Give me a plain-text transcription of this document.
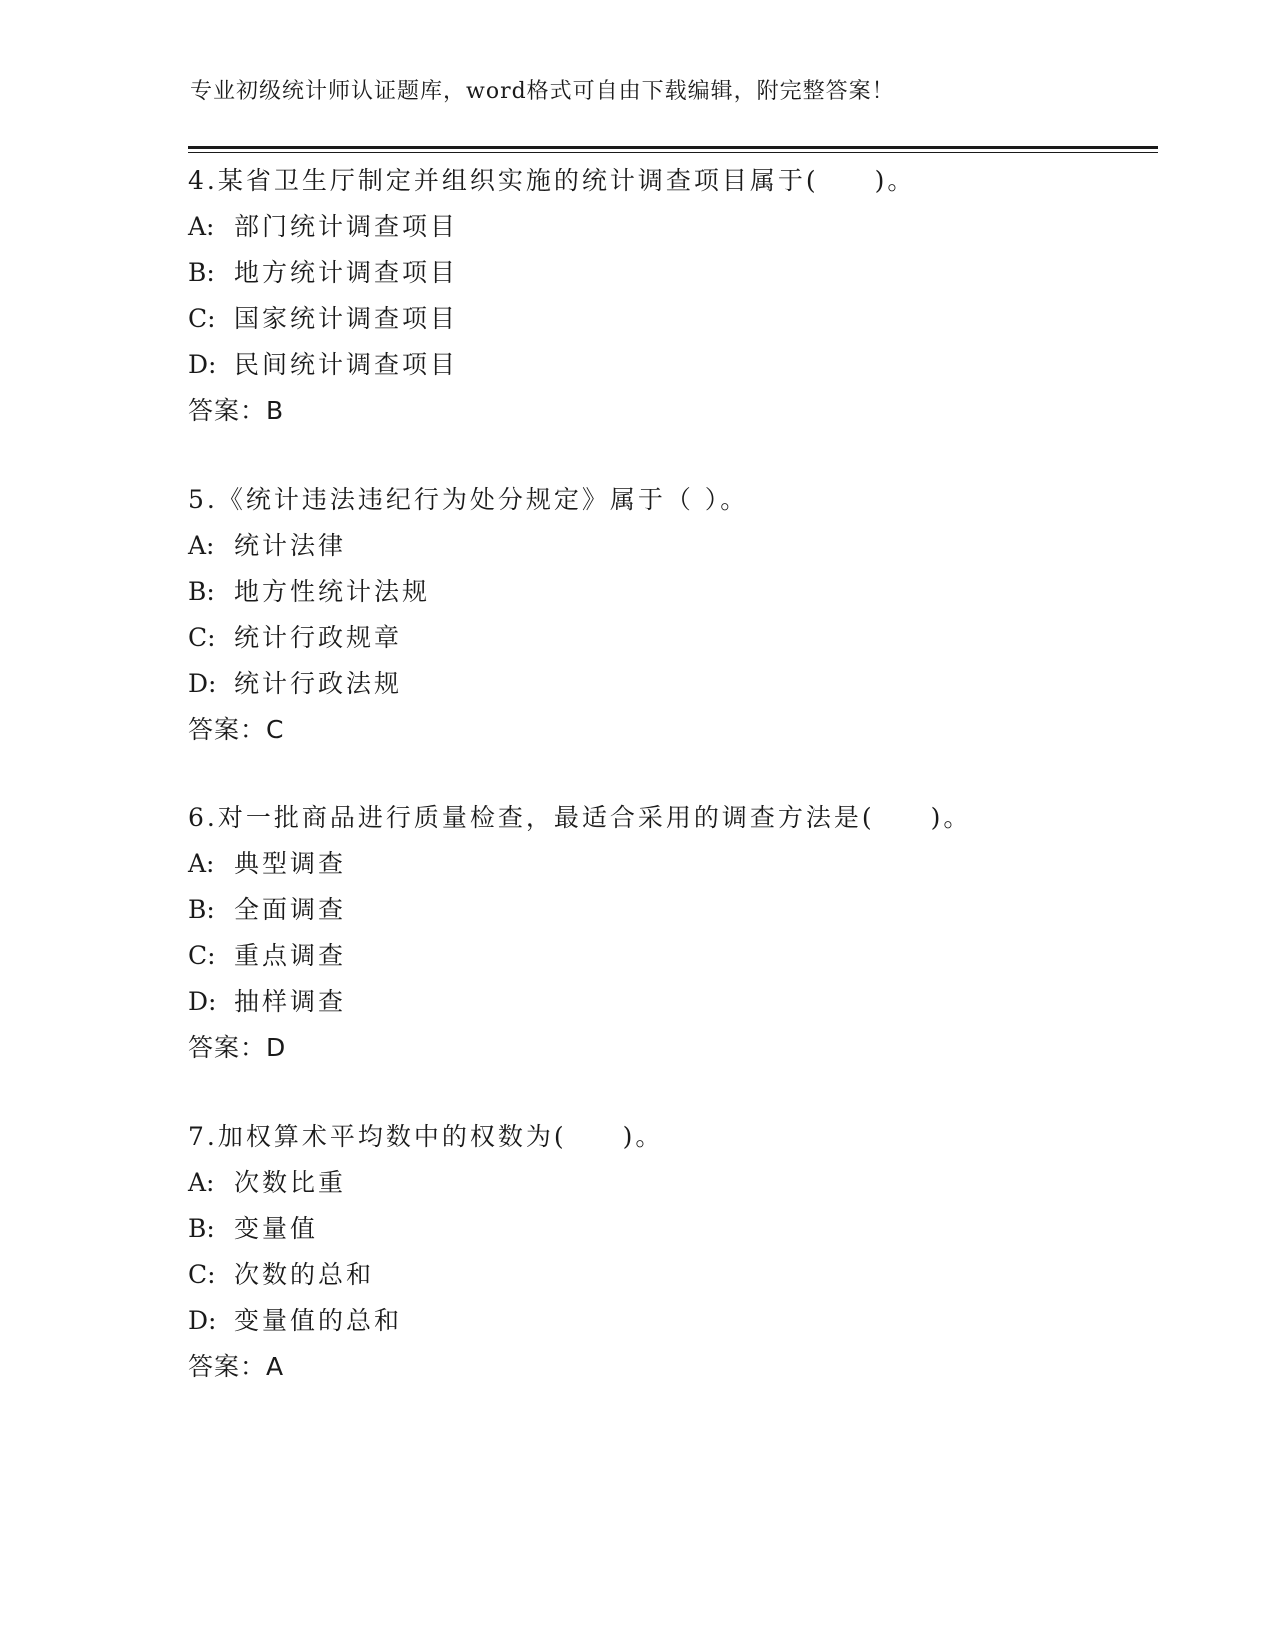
专业初级统计师认证题库，word格式可自由下载编辑，附完整答案！
4.某省卫生厅制定并组织实施的统计调查项目属于(　　)。
A: 部门统计调查项目
B: 地方统计调查项目
C: 国家统计调查项目
D: 民间统计调查项目
答案：B
5.《统计违法违纪行为处分规定》属于（ ）。
A: 统计法律
B: 地方性统计法规
C: 统计行政规章
D: 统计行政法规
答案：C
6.对一批商品进行质量检查，最适合采用的调查方法是(　　)。
A: 典型调查
B: 全面调查
C: 重点调查
D: 抽样调查
答案：D
7.加权算术平均数中的权数为(　　)。
A: 次数比重
B: 变量值
C: 次数的总和
D: 变量值的总和
答案：A
